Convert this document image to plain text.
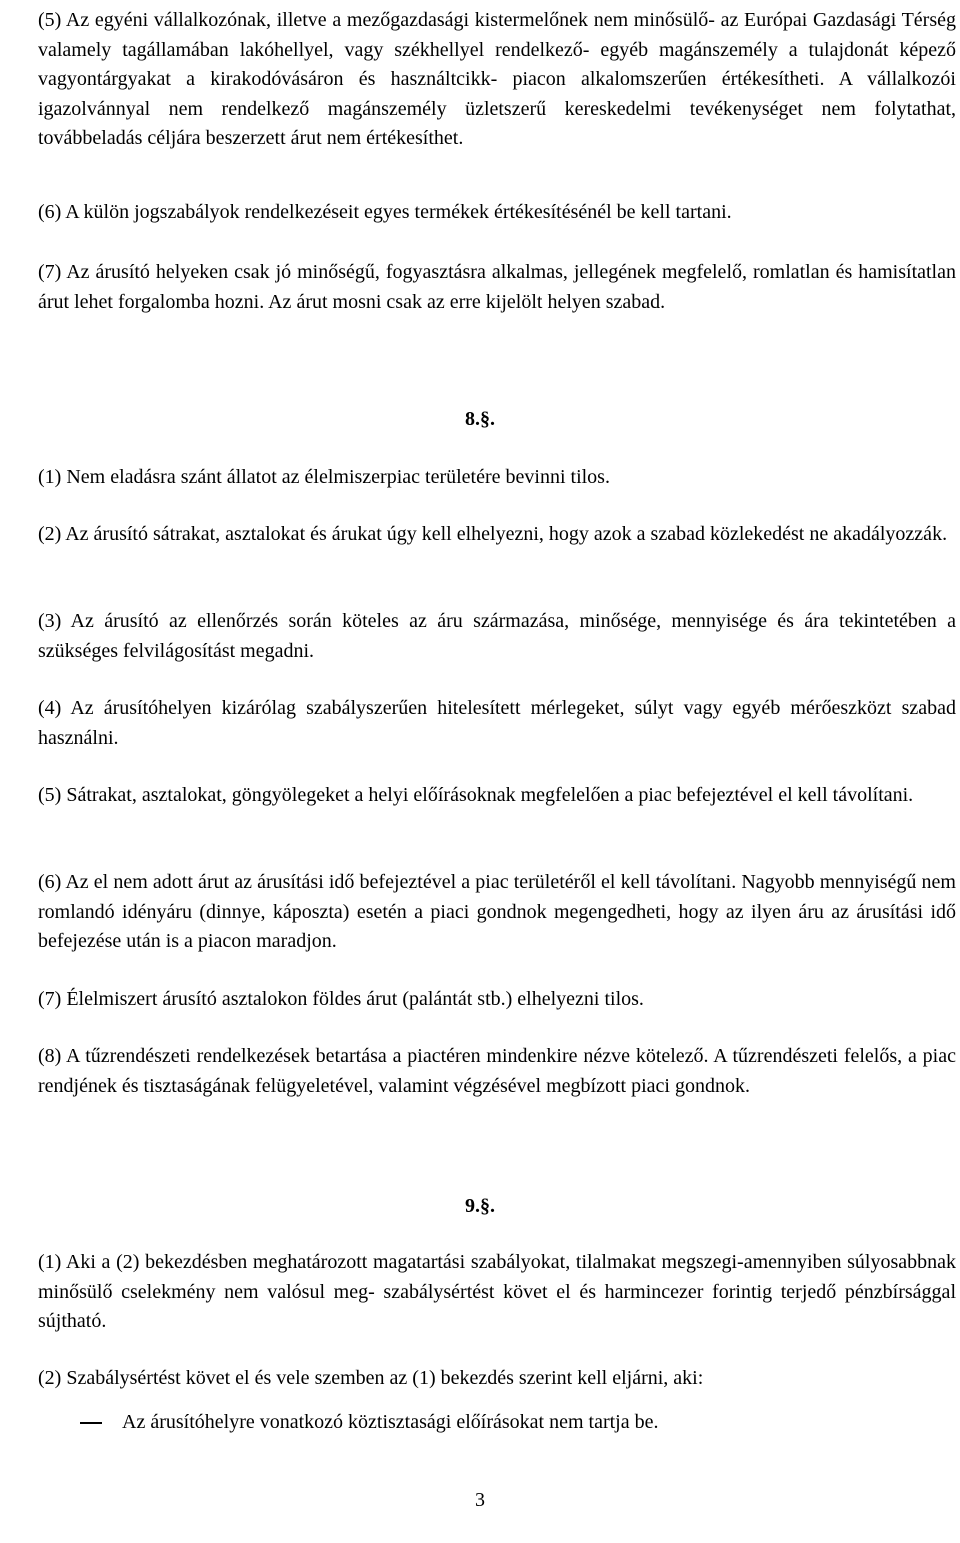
(5) Az egyéni vállalkozónak, illetve a mezőgazdasági kistermelőnek nem minősülő- az Európai Gazdasági Térség valamely tagállamában lakóhellyel, vagy székhellyel rendelkező- egyéb magánszemély a tulajdonát képező vagyontárgyakat a kirakodóvásáron és használtcikk- piacon alkalomszerűen értékesítheti. A vállalkozói igazolvánnyal nem rendelkező magánszemély üzletszerű kereskedelmi tevékenységet nem folytathat, továbbeladás céljára beszerzett árut nem értékesíthet.

(6) A külön jogszabályok rendelkezéseit egyes termékek értékesítésénél be kell tartani.

(7) Az árusító helyeken csak jó minőségű, fogyasztásra alkalmas, jellegének megfelelő, romlatlan és hamisítatlan árut lehet forgalomba hozni. Az árut mosni csak az erre kijelölt helyen szabad.

8.§.

(1) Nem eladásra szánt állatot az élelmiszerpiac területére bevinni tilos.

(2) Az árusító sátrakat, asztalokat és árukat úgy kell elhelyezni, hogy azok a szabad közlekedést ne akadályozzák.

(3) Az árusító az ellenőrzés során köteles az áru származása, minősége, mennyisége és ára tekintetében a szükséges felvilágosítást megadni.

(4) Az árusítóhelyen kizárólag szabályszerűen hitelesített mérlegeket, súlyt vagy egyéb mérőeszközt szabad használni.

(5) Sátrakat, asztalokat, göngyölegeket a helyi előírásoknak megfelelően a piac befejeztével el kell távolítani.

(6) Az el nem adott árut az árusítási idő befejeztével a piac területéről el kell távolítani. Nagyobb mennyiségű nem romlandó idényáru (dinnye, káposzta) esetén a piaci gondnok megengedheti, hogy az ilyen áru az árusítási idő befejezése után is a piacon maradjon.

(7) Élelmiszert árusító asztalokon földes árut (palántát stb.) elhelyezni tilos.

(8) A tűzrendészeti rendelkezések betartása a piactéren mindenkire nézve kötelező. A tűzrendészeti felelős, a piac rendjének és tisztaságának felügyeletével, valamint végzésével megbízott piaci gondnok.

9.§.

(1) Aki a (2) bekezdésben meghatározott magatartási szabályokat, tilalmakat megszegi-amennyiben súlyosabbnak minősülő cselekmény nem valósul meg- szabálysértést követ el és harmincezer forintig terjedő pénzbírsággal sújtható.

(2) Szabálysértést követ el és vele szemben az (1) bekezdés szerint kell eljárni, aki:

Az árusítóhelyre vonatkozó köztisztasági előírásokat nem tartja be.
3
